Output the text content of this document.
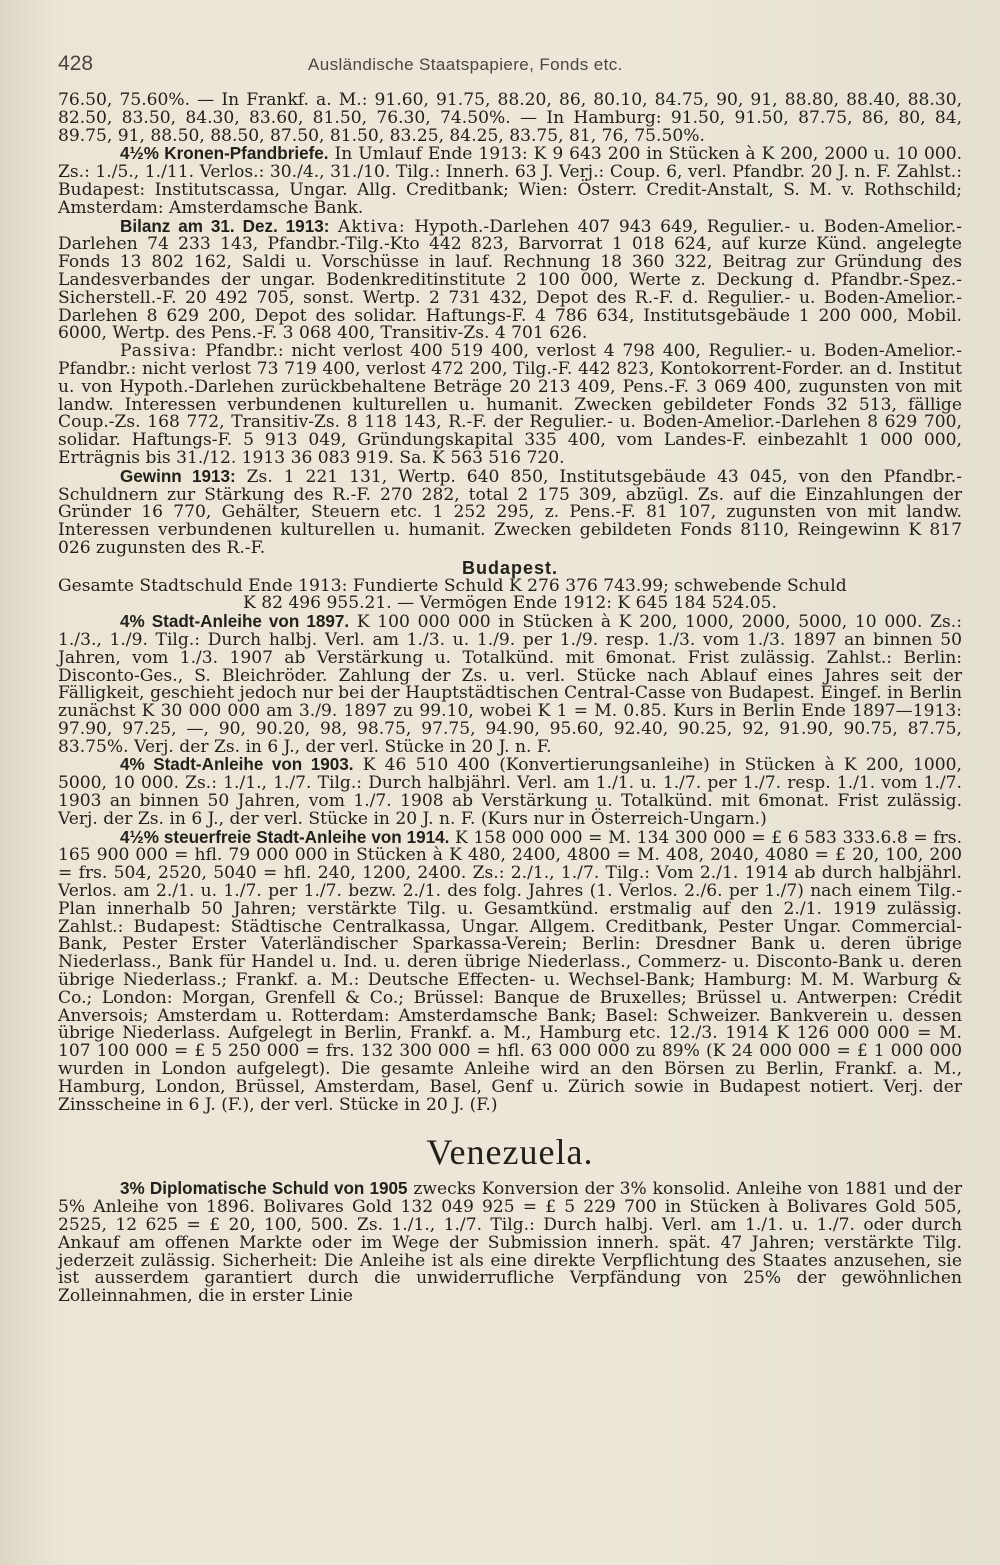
428	Ausländische Staatspapiere, Fonds etc.

76.50, 75.60%. — In Frankf. a. M.: 91.60, 91.75, 88.20, 86, 80.10, 84.75, 90, 91, 88.80, 88.40, 88.30, 82.50, 83.50, 84.30, 83.60, 81.50, 76.30, 74.50%. — In Hamburg: 91.50, 91.50, 87.75, 86, 80, 84, 89.75, 91, 88.50, 88.50, 87.50, 81.50, 83.25, 84.25, 83.75, 81, 76, 75.50%.

4½% Kronen-Pfandbriefe. In Umlauf Ende 1913: K 9 643 200 in Stücken à K 200, 2000 u. 10 000. Zs.: 1./5., 1./11. Verlos.: 30./4., 31./10. Tilg.: Innerh. 63 J. Verj.: Coup. 6, verl. Pfandbr. 20 J. n. F. Zahlst.: Budapest: Institutscassa, Ungar. Allg. Creditbank; Wien: Österr. Credit-Anstalt, S. M. v. Rothschild; Amsterdam: Amsterdamsche Bank.

Bilanz am 31. Dez. 1913: Aktiva: Hypoth.-Darlehen 407 943 649, Regulier.- u. Boden-Amelior.-Darlehen 74 233 143, Pfandbr.-Tilg.-Kto 442 823, Barvorrat 1 018 624, auf kurze Künd. angelegte Fonds 13 802 162, Saldi u. Vorschüsse in lauf. Rechnung 18 360 322, Beitrag zur Gründung des Landesverbandes der ungar. Bodenkreditinstitute 2 100 000, Werte z. Deckung d. Pfandbr.-Spez.-Sicherstell.-F. 20 492 705, sonst. Wertp. 2 731 432, Depot des R.-F. d. Regulier.- u. Boden-Amelior.-Darlehen 8 629 200, Depot des solidar. Haftungs-F. 4 786 634, Institutsgebäude 1 200 000, Mobil. 6000, Wertp. des Pens.-F. 3 068 400, Transitiv-Zs. 4 701 626.

Passiva: Pfandbr.: nicht verlost 400 519 400, verlost 4 798 400, Regulier.- u. Boden-Amelior.-Pfandbr.: nicht verlost 73 719 400, verlost 472 200, Tilg.-F. 442 823, Kontokorrent-Forder. an d. Institut u. von Hypoth.-Darlehen zurückbehaltene Beträge 20 213 409, Pens.-F. 3 069 400, zugunsten von mit landw. Interessen verbundenen kulturellen u. humanit. Zwecken gebildeter Fonds 32 513, fällige Coup.-Zs. 168 772, Transitiv-Zs. 8 118 143, R.-F. der Regulier.- u. Boden-Amelior.-Darlehen 8 629 700, solidar. Haftungs-F. 5 913 049, Gründungskapital 335 400, vom Landes-F. einbezahlt 1 000 000, Erträgnis bis 31./12. 1913 36 083 919. Sa. K 563 516 720.

Gewinn 1913: Zs. 1 221 131, Wertp. 640 850, Institutsgebäude 43 045, von den Pfandbr.-Schuldnern zur Stärkung des R.-F. 270 282, total 2 175 309, abzügl. Zs. auf die Einzahlungen der Gründer 16 770, Gehälter, Steuern etc. 1 252 295, z. Pens.-F. 81 107, zugunsten von mit landw. Interessen verbundenen kulturellen u. humanit. Zwecken gebildeten Fonds 8110, Reingewinn K 817 026 zugunsten des R.-F.

Budapest.

Gesamte Stadtschuld Ende 1913: Fundierte Schuld K 276 376 743.99; schwebende Schuld

K 82 496 955.21. — Vermögen Ende 1912: K 645 184 524.05.

4% Stadt-Anleihe von 1897. K 100 000 000 in Stücken à K 200, 1000, 2000, 5000, 10 000. Zs.: 1./3., 1./9. Tilg.: Durch halbj. Verl. am 1./3. u. 1./9. per 1./9. resp. 1./3. vom 1./3. 1897 an binnen 50 Jahren, vom 1./3. 1907 ab Verstärkung u. Totalkünd. mit 6monat. Frist zulässig. Zahlst.: Berlin: Disconto-Ges., S. Bleichröder. Zahlung der Zs. u. verl. Stücke nach Ablauf eines Jahres seit der Fälligkeit, geschieht jedoch nur bei der Hauptstädtischen Central-Casse von Budapest. Eingef. in Berlin zunächst K 30 000 000 am 3./9. 1897 zu 99.10, wobei K 1 = M. 0.85. Kurs in Berlin Ende 1897—1913: 97.90, 97.25, —, 90, 90.20, 98, 98.75, 97.75, 94.90, 95.60, 92.40, 90.25, 92, 91.90, 90.75, 87.75, 83.75%. Verj. der Zs. in 6 J., der verl. Stücke in 20 J. n. F.

4% Stadt-Anleihe von 1903. K 46 510 400 (Konvertierungsanleihe) in Stücken à K 200, 1000, 5000, 10 000. Zs.: 1./1., 1./7. Tilg.: Durch halbjährl. Verl. am 1./1. u. 1./7. per 1./7. resp. 1./1. vom 1./7. 1903 an binnen 50 Jahren, vom 1./7. 1908 ab Verstärkung u. Totalkünd. mit 6monat. Frist zulässig. Verj. der Zs. in 6 J., der verl. Stücke in 20 J. n. F. (Kurs nur in Österreich-Ungarn.)

4½% steuerfreie Stadt-Anleihe von 1914. K 158 000 000 = M. 134 300 000 = £ 6 583 333.6.8 = frs. 165 900 000 = hfl. 79 000 000 in Stücken à K 480, 2400, 4800 = M. 408, 2040, 4080 = £ 20, 100, 200 = frs. 504, 2520, 5040 = hfl. 240, 1200, 2400. Zs.: 2./1., 1./7. Tilg.: Vom 2./1. 1914 ab durch halbjährl. Verlos. am 2./1. u. 1./7. per 1./7. bezw. 2./1. des folg. Jahres (1. Verlos. 2./6. per 1./7) nach einem Tilg.-Plan innerhalb 50 Jahren; verstärkte Tilg. u. Gesamtkünd. erstmalig auf den 2./1. 1919 zulässig. Zahlst.: Budapest: Städtische Centralkassa, Ungar. Allgem. Creditbank, Pester Ungar. Commercial-Bank, Pester Erster Vaterländischer Sparkassa-Verein; Berlin: Dresdner Bank u. deren übrige Niederlass., Bank für Handel u. Ind. u. deren übrige Niederlass., Commerz- u. Disconto-Bank u. deren übrige Niederlass.; Frankf. a. M.: Deutsche Effecten- u. Wechsel-Bank; Hamburg: M. M. Warburg & Co.; London: Morgan, Grenfell & Co.; Brüssel: Banque de Bruxelles; Brüssel u. Antwerpen: Crédit Anversois; Amsterdam u. Rotterdam: Amsterdamsche Bank; Basel: Schweizer. Bankverein u. dessen übrige Niederlass. Aufgelegt in Berlin, Frankf. a. M., Hamburg etc. 12./3. 1914 K 126 000 000 = M. 107 100 000 = £ 5 250 000 = frs. 132 300 000 = hfl. 63 000 000 zu 89% (K 24 000 000 = £ 1 000 000 wurden in London aufgelegt). Die gesamte Anleihe wird an den Börsen zu Berlin, Frankf. a. M., Hamburg, London, Brüssel, Amsterdam, Basel, Genf u. Zürich sowie in Budapest notiert. Verj. der Zinsscheine in 6 J. (F.), der verl. Stücke in 20 J. (F.)

Venezuela.

3% Diplomatische Schuld von 1905 zwecks Konversion der 3% konsolid. Anleihe von 1881 und der 5% Anleihe von 1896. Bolivares Gold 132 049 925 = £ 5 229 700 in Stücken à Bolivares Gold 505, 2525, 12 625 = £ 20, 100, 500. Zs. 1./1., 1./7. Tilg.: Durch halbj. Verl. am 1./1. u. 1./7. oder durch Ankauf am offenen Markte oder im Wege der Submission innerh. spät. 47 Jahren; verstärkte Tilg. jederzeit zulässig. Sicherheit: Die Anleihe ist als eine direkte Verpflichtung des Staates anzusehen, sie ist ausserdem garantiert durch die unwiderrufliche Verpfändung von 25% der gewöhnlichen Zolleinnahmen, die in erster Linie
